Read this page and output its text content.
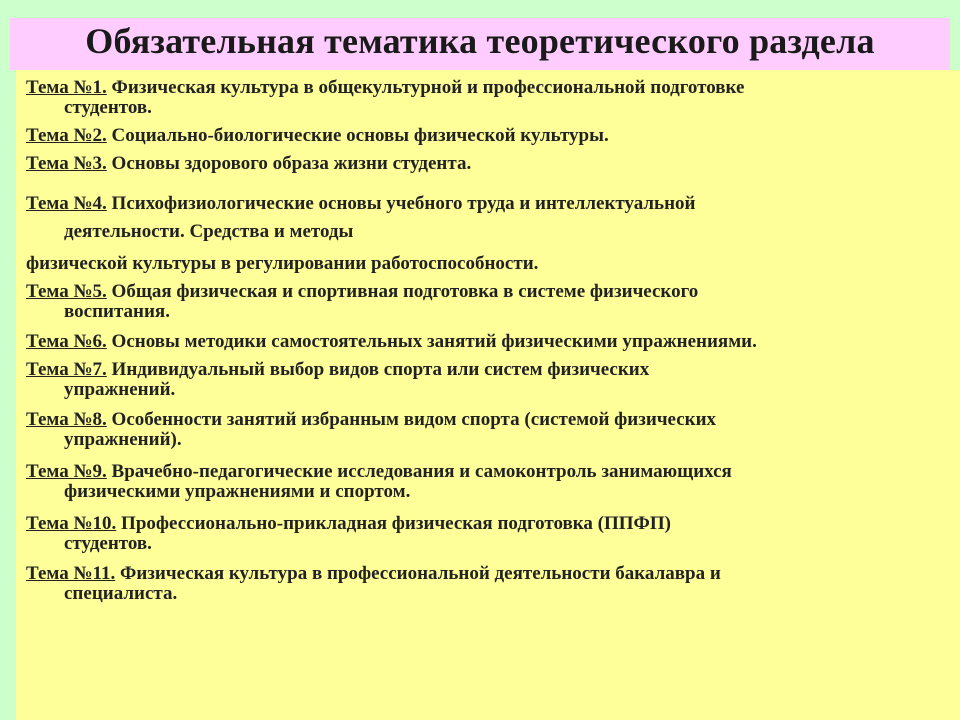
Обязательная тематика теоретического раздела
Тема №1. Физическая культура в общекультурной и профессиональной подготовке
студентов.
Тема №2. Социально-биологические основы физической культуры.
Тема №3. Основы здорового образа жизни студента.
Тема №4. Психофизиологические основы учебного труда и интеллектуальной
деятельности. Средства и методы
физической культуры в регулировании работоспособности.
Тема №5. Общая физическая и спортивная подготовка в системе физического
воспитания.
Тема №6. Основы методики самостоятельных занятий физическими упражнениями.
Тема №7. Индивидуальный выбор видов спорта или систем физических
упражнений.
Тема №8. Особенности занятий избранным видом спорта (системой физических
упражнений).
Тема №9. Врачебно-педагогические исследования и самоконтроль занимающихся
физическими упражнениями и спортом.
Тема №10. Профессионально-прикладная физическая подготовка (ППФП)
студентов.
Тема №11. Физическая культура в профессиональной деятельности бакалавра и
специалиста.
